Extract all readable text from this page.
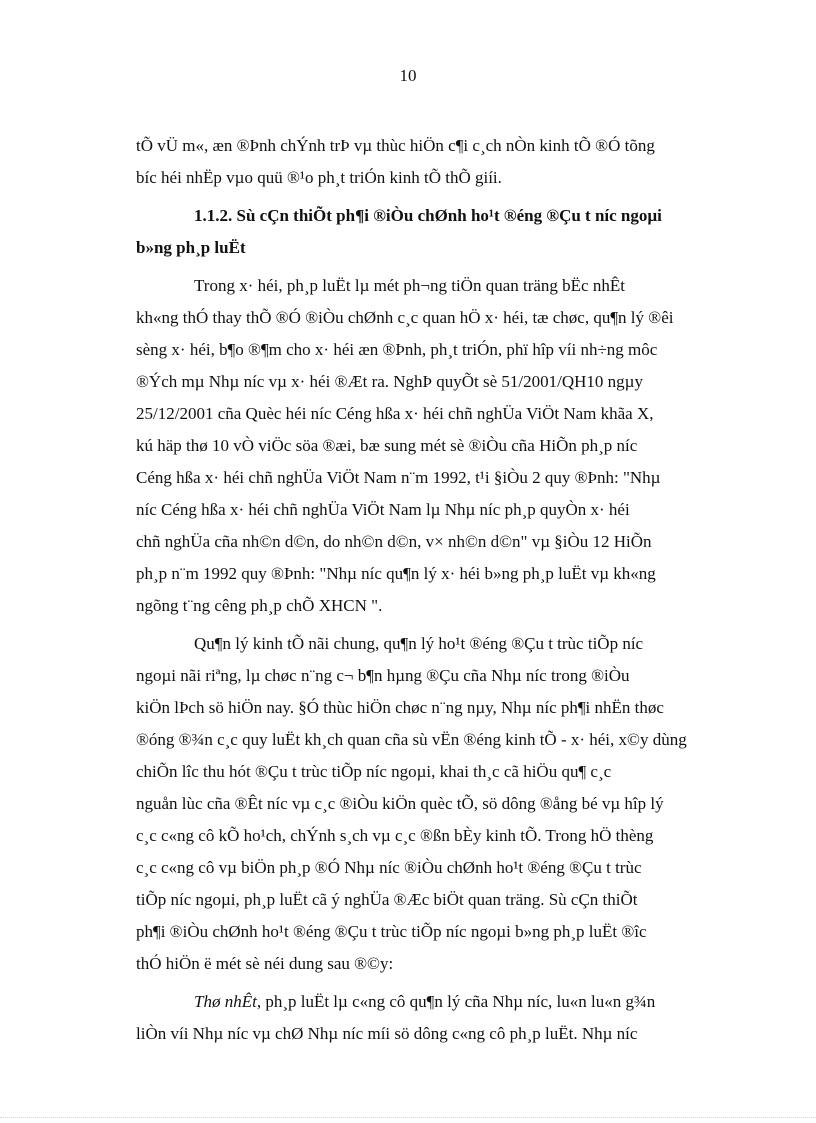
10

tÕ vÜ m«, æn ®Þnh chÝnh trÞ vµ thùc hiÖn c¶i c¸ch nÒn kinh tÕ ®Ó tõng
bíc héi nhËp vµo quü ®¹o ph¸t triÓn kinh tÕ thÕ giíi.

1.1.2. Sù cÇn thiÕt ph¶i ®iÒu chØnh ho¹t ®éng ®Çu t níc ngoµi
b»ng ph¸p luËt

Trong x· héi, ph¸p luËt lµ mét ph¬ng tiÖn quan träng bËc nhÊt
kh«ng thÓ thay thÕ ®Ó ®iÒu chØnh c¸c quan hÖ x· héi, tæ chøc, qu¶n lý ®êi
sèng x· héi, b¶o ®¶m cho x· héi æn ®Þnh, ph¸t triÓn, phï hîp víi nh÷ng môc
®Ých mµ Nhµ níc vµ x· héi ®Æt ra. NghÞ quyÕt sè 51/2001/QH10 ngµy
25/12/2001 cña Quèc héi níc Céng hßa x· héi chñ nghÜa ViÖt Nam khãa X,
kú häp thø 10 vÒ viÖc söa ®æi, bæ sung mét sè ®iÒu cña HiÕn ph¸p níc
Céng hßa x· héi chñ nghÜa ViÖt Nam n¨m 1992, t¹i §iÒu 2 quy ®Þnh: "Nhµ
níc Céng hßa x· héi chñ nghÜa ViÖt Nam lµ Nhµ níc ph¸p quyÒn x· héi
chñ nghÜa cña nh©n d©n, do nh©n d©n, v× nh©n d©n" vµ §iÒu 12 HiÕn
ph¸p n¨m 1992 quy ®Þnh: "Nhµ níc qu¶n lý x· héi b»ng ph¸p luËt vµ kh«ng
ngõng t¨ng cêng ph¸p chÕ XHCN ".

Qu¶n lý kinh tÕ nãi chung, qu¶n lý ho¹t ®éng ®Çu t trùc tiÕp níc
ngoµi nãi riªng, lµ chøc n¨ng c¬ b¶n hµng ®Çu cña Nhµ níc trong ®iÒu
kiÖn lÞch sö hiÖn nay. §Ó thùc hiÖn chøc n¨ng nµy, Nhµ níc ph¶i nhËn thøc
®óng ®¾n c¸c quy luËt kh¸ch quan cña sù vËn ®éng kinh tÕ - x· héi, x©y dùng
chiÕn lîc thu hót ®Çu t trùc tiÕp níc ngoµi, khai th¸c cã hiÖu qu¶ c¸c
nguån lùc cña ®Êt níc vµ c¸c ®iÒu kiÖn quèc tÕ, sö dông ®ång bé vµ hîp lý
c¸c c«ng cô kÕ ho¹ch, chÝnh s¸ch vµ c¸c ®ßn bÈy kinh tÕ. Trong hÖ thèng
c¸c c«ng cô vµ biÖn ph¸p ®Ó Nhµ níc ®iÒu chØnh ho¹t ®éng ®Çu t trùc
tiÕp níc ngoµi, ph¸p luËt cã ý nghÜa ®Æc biÖt quan träng. Sù cÇn thiÕt
ph¶i ®iÒu chØnh ho¹t ®éng ®Çu t trùc tiÕp níc ngoµi b»ng ph¸p luËt ®îc
thÓ hiÖn ë mét sè néi dung sau ®©y:

Thø nhÊt, ph¸p luËt lµ c«ng cô qu¶n lý cña Nhµ níc, lu«n lu«n g¾n
liÒn víi Nhµ níc vµ chØ Nhµ níc míi sö dông c«ng cô ph¸p luËt. Nhµ níc
